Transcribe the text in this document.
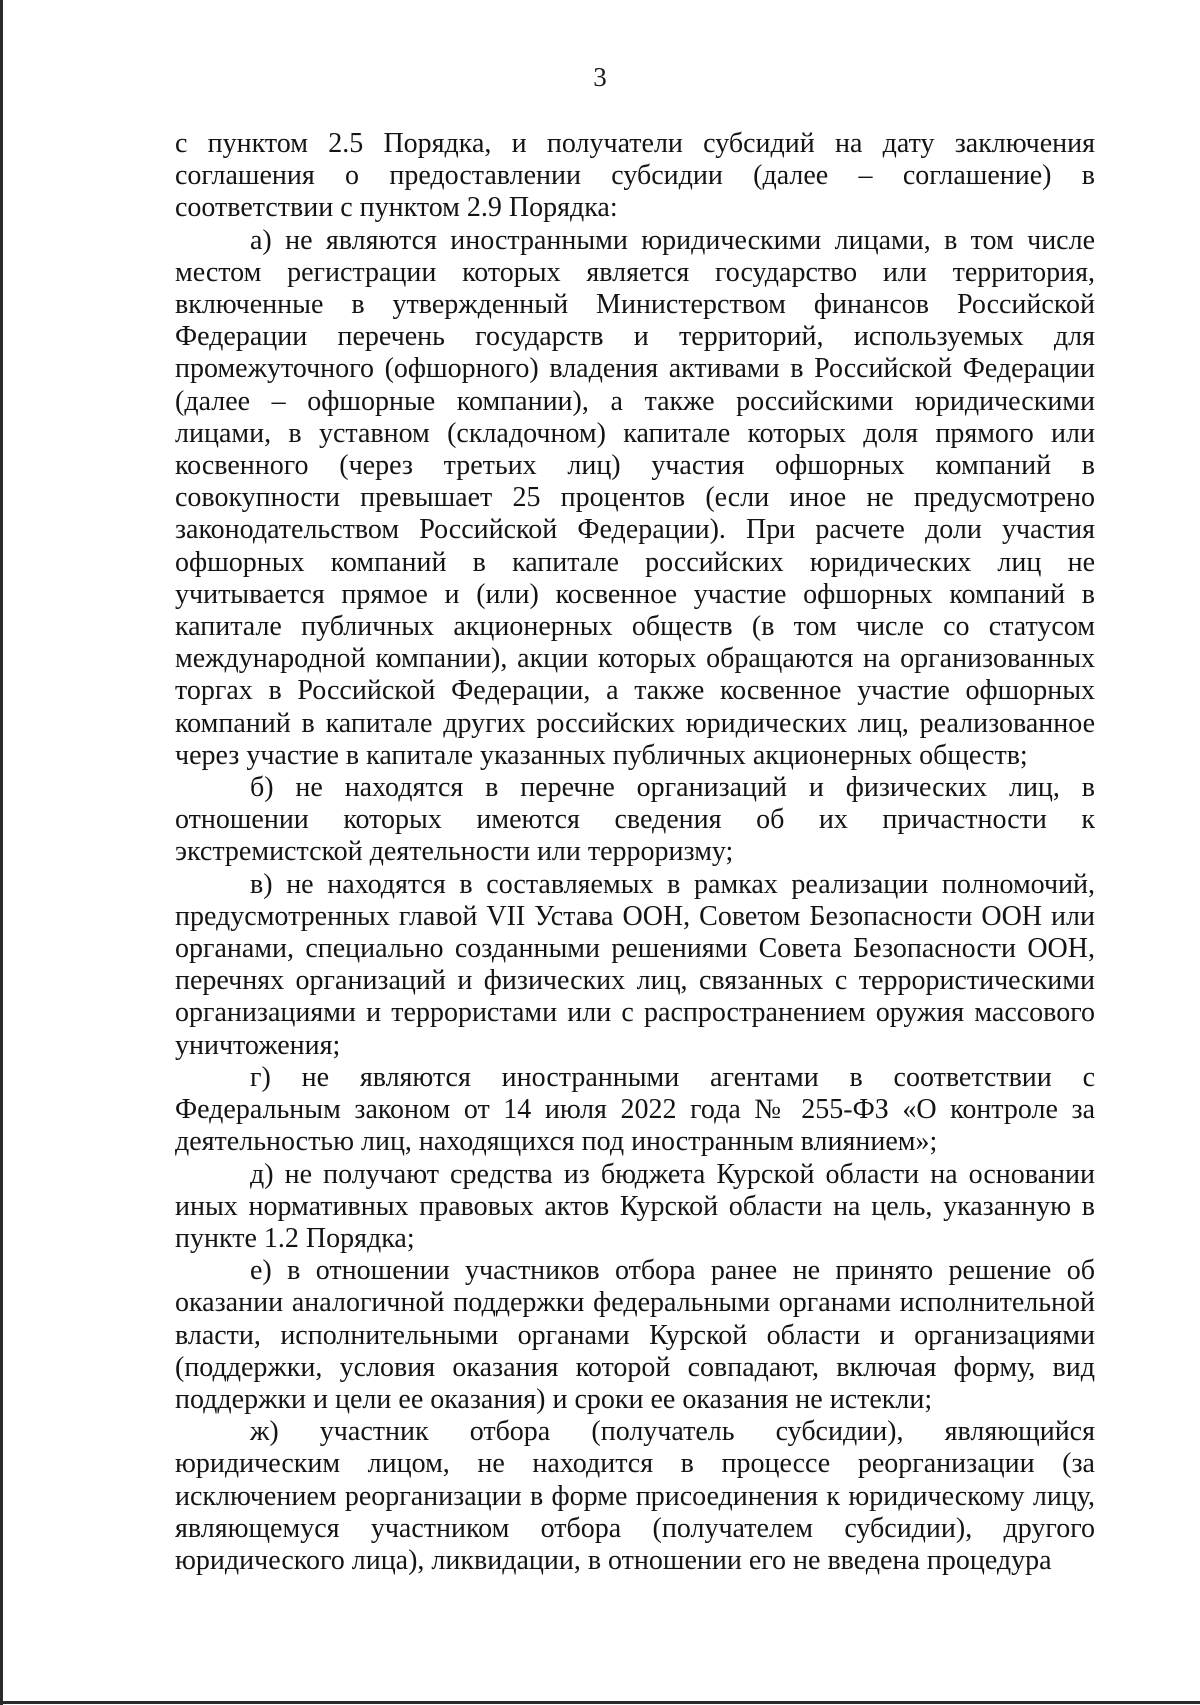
3

с пунктом 2.5 Порядка, и получатели субсидий на дату заключения соглашения о предоставлении субсидии (далее – соглашение) в соответствии с пунктом 2.9 Порядка:

а) не являются иностранными юридическими лицами, в том числе местом регистрации которых является государство или территория, включенные в утвержденный Министерством финансов Российской Федерации перечень государств и территорий, используемых для промежуточного (офшорного) владения активами в Российской Федерации (далее – офшорные компании), а также российскими юридическими лицами, в уставном (складочном) капитале которых доля прямого или косвенного (через третьих лиц) участия офшорных компаний в совокупности превышает 25 процентов (если иное не предусмотрено законодательством Российской Федерации). При расчете доли участия офшорных компаний в капитале российских юридических лиц не учитывается прямое и (или) косвенное участие офшорных компаний в капитале публичных акционерных обществ (в том числе со статусом международной компании), акции которых обращаются на организованных торгах в Российской Федерации, а также косвенное участие офшорных компаний в капитале других российских юридических лиц, реализованное через участие в капитале указанных публичных акционерных обществ;

б) не находятся в перечне организаций и физических лиц, в отношении которых имеются сведения об их причастности к экстремистской деятельности или терроризму;

в) не находятся в составляемых в рамках реализации полномочий, предусмотренных главой VII Устава ООН, Советом Безопасности ООН или органами, специально созданными решениями Совета Безопасности ООН, перечнях организаций и физических лиц, связанных с террористическими организациями и террористами или с распространением оружия массового уничтожения;

г) не являются иностранными агентами в соответствии с Федеральным законом от 14 июля 2022 года № 255-ФЗ «О контроле за деятельностью лиц, находящихся под иностранным влиянием»;

д) не получают средства из бюджета Курской области на основании иных нормативных правовых актов Курской области на цель, указанную в пункте 1.2 Порядка;

е) в отношении участников отбора ранее не принято решение об оказании аналогичной поддержки федеральными органами исполнительной власти, исполнительными органами Курской области и организациями (поддержки, условия оказания которой совпадают, включая форму, вид поддержки и цели ее оказания) и сроки ее оказания не истекли;

ж) участник отбора (получатель субсидии), являющийся юридическим лицом, не находится в процессе реорганизации (за исключением реорганизации в форме присоединения к юридическому лицу, являющемуся участником отбора (получателем субсидии), другого юридического лица), ликвидации, в отношении его не введена процедура
